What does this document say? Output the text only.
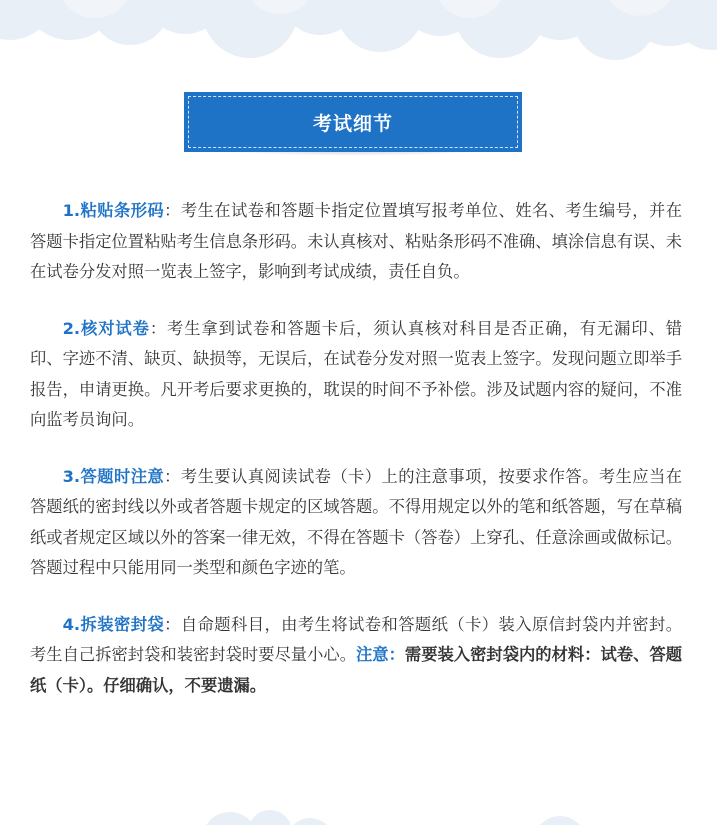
考试细节

1.粘贴条形码：考生在试卷和答题卡指定位置填写报考单位、姓名、考生编号，并在答题卡指定位置粘贴考生信息条形码。未认真核对、粘贴条形码不准确、填涂信息有误、未在试卷分发对照一览表上签字，影响到考试成绩，责任自负。

2.核对试卷：考生拿到试卷和答题卡后，须认真核对科目是否正确，有无漏印、错印、字迹不清、缺页、缺损等，无误后，在试卷分发对照一览表上签字。发现问题立即举手报告，申请更换。凡开考后要求更换的，耽误的时间不予补偿。涉及试题内容的疑问，不准向监考员询问。

3.答题时注意：考生要认真阅读试卷（卡）上的注意事项，按要求作答。考生应当在答题纸的密封线以外或者答题卡规定的区域答题。不得用规定以外的笔和纸答题，写在草稿纸或者规定区域以外的答案一律无效，不得在答题卡（答卷）上穿孔、任意涂画或做标记。答题过程中只能用同一类型和颜色字迹的笔。

4.拆装密封袋：自命题科目，由考生将试卷和答题纸（卡）装入原信封袋内并密封。考生自己拆密封袋和装密封袋时要尽量小心。注意：需要装入密封袋内的材料：试卷、答题纸（卡）。仔细确认，不要遗漏。
